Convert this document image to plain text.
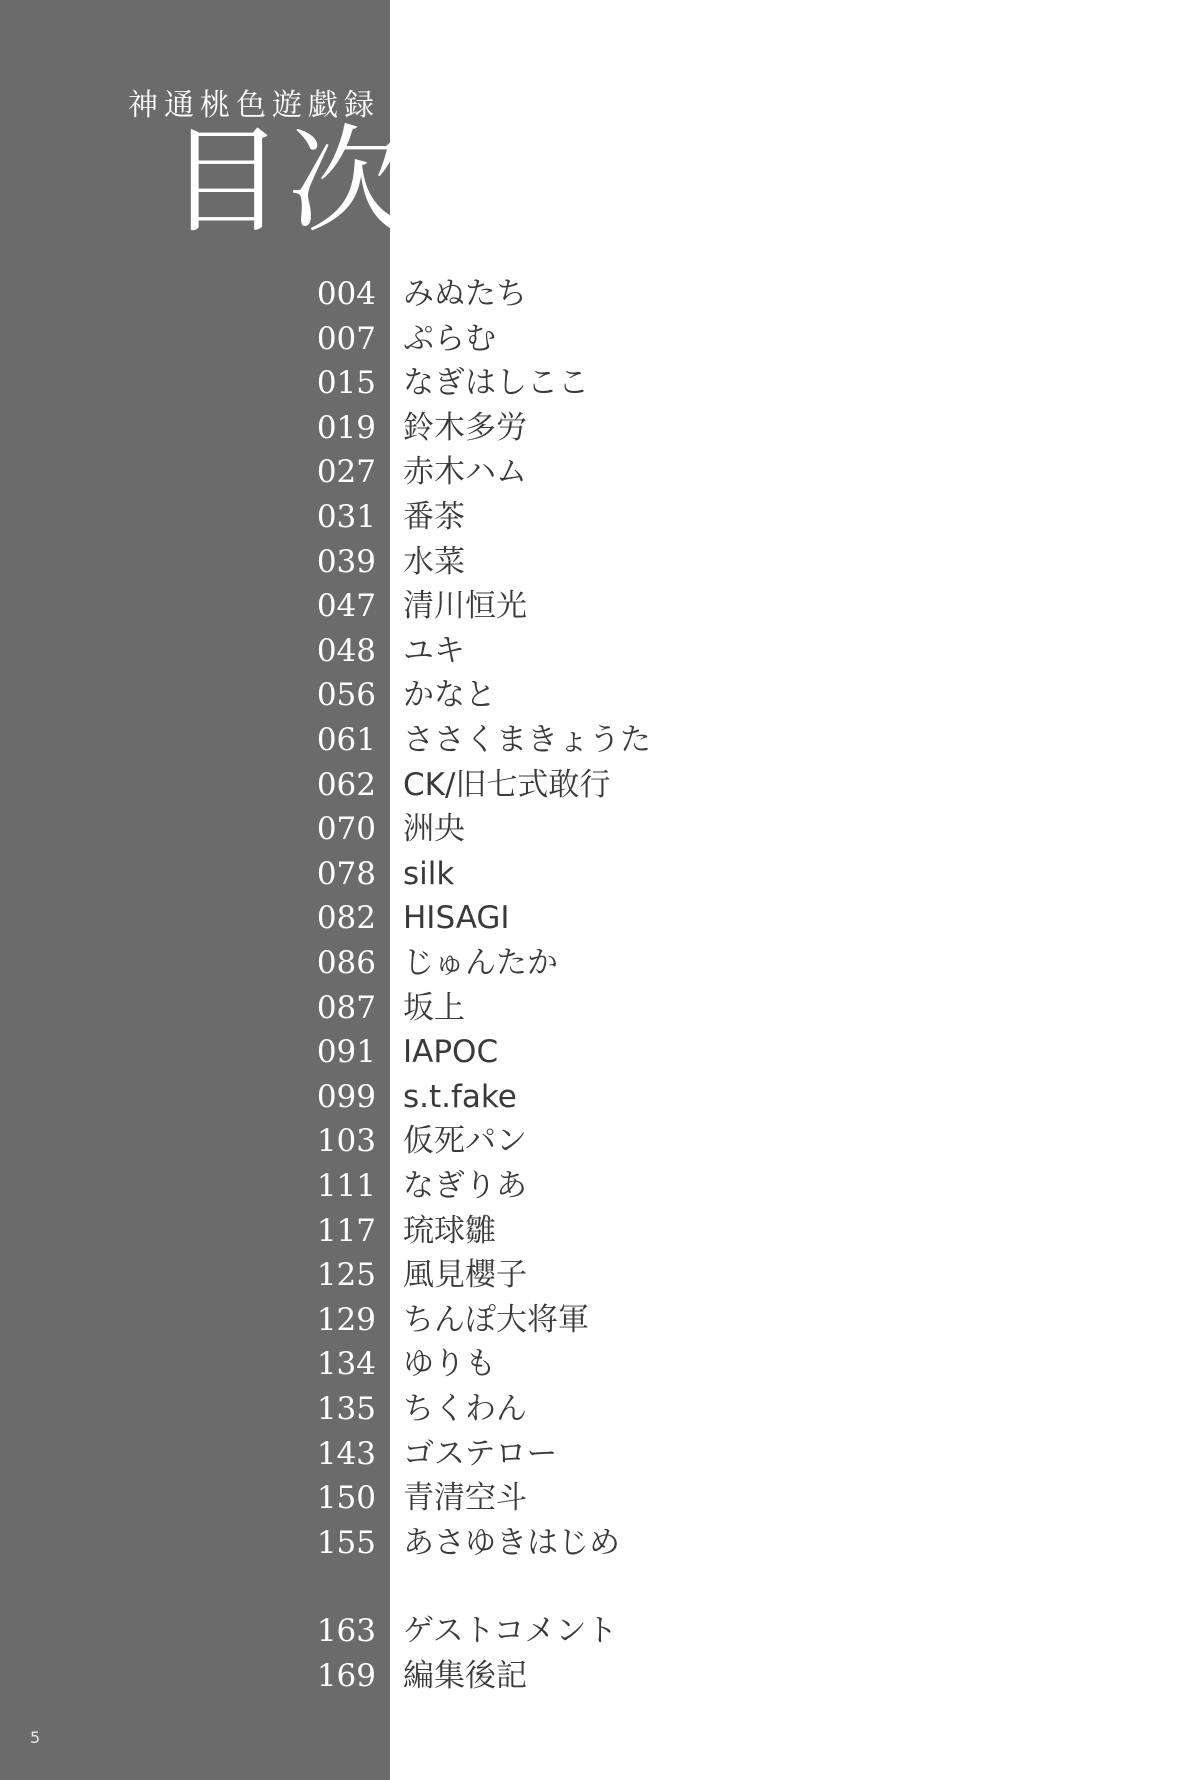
神通桃色遊戯録
目次
004 みぬたち
007 ぷらむ
015 なぎはしここ
019 鈴木多労
027 赤木ハム
031 番茶
039 水菜
047 清川恒光
048 ユキ
056 かなと
061 ささくまきょうた
062 CK/旧七式敢行
070 洲央
078 silk
082 HISAGI
086 じゅんたか
087 坂上
091 IAPOC
099 s.t.fake
103 仮死パン
111 なぎりあ
117 琉球雛
125 風見櫻子
129 ちんぽ大将軍
134 ゆりも
135 ちくわん
143 ゴステロー
150 青清空斗
155 あさゆきはじめ
163 ゲストコメント
169 編集後記
5
